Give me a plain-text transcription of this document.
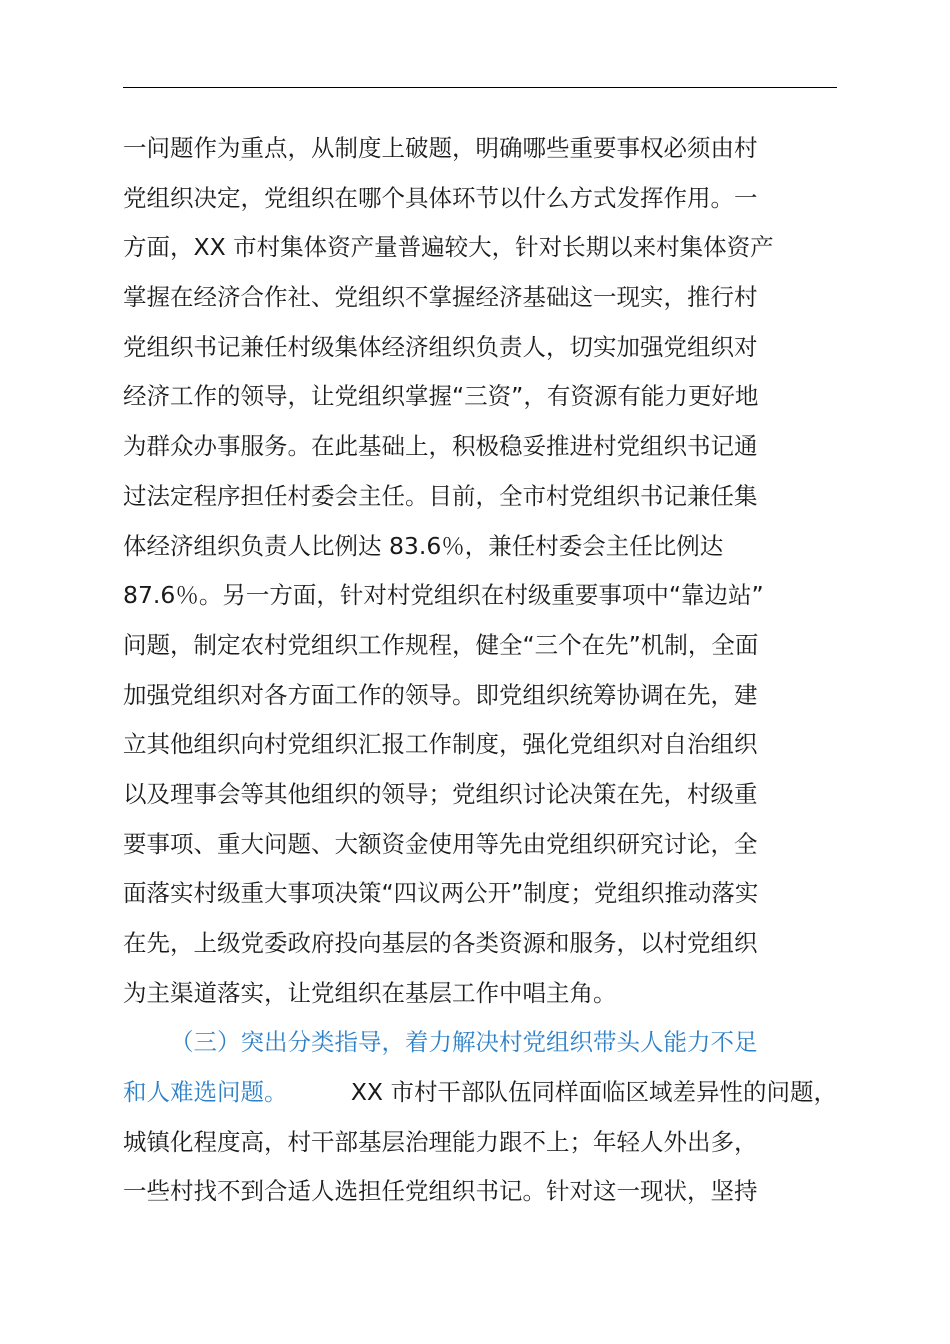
一问题作为重点，从制度上破题，明确哪些重要事权必须由村
党组织决定，党组织在哪个具体环节以什么方式发挥作用。一
方面，XX 市村集体资产量普遍较大，针对长期以来村集体资产
掌握在经济合作社、党组织不掌握经济基础这一现实，推行村
党组织书记兼任村级集体经济组织负责人，切实加强党组织对
经济工作的领导，让党组织掌握“三资”，有资源有能力更好地
为群众办事服务。在此基础上，积极稳妥推进村党组织书记通
过法定程序担任村委会主任。目前，全市村党组织书记兼任集
体经济组织负责人比例达 83.6％，兼任村委会主任比例达
87.6％。另一方面，针对村党组织在村级重要事项中“靠边站”
问题，制定农村党组织工作规程，健全“三个在先”机制，全面
加强党组织对各方面工作的领导。即党组织统筹协调在先，建
立其他组织向村党组织汇报工作制度，强化党组织对自治组织
以及理事会等其他组织的领导；党组织讨论决策在先，村级重
要事项、重大问题、大额资金使用等先由党组织研究讨论，全
面落实村级重大事项决策“四议两公开”制度；党组织推动落实
在先，上级党委政府投向基层的各类资源和服务，以村党组织
为主渠道落实，让党组织在基层工作中唱主角。
（三）突出分类指导，着力解决村党组织带头人能力不足
和人难选问题。	XX 市村干部队伍同样面临区域差异性的问题，
城镇化程度高，村干部基层治理能力跟不上；年轻人外出多，
一些村找不到合适人选担任党组织书记。针对这一现状，坚持
